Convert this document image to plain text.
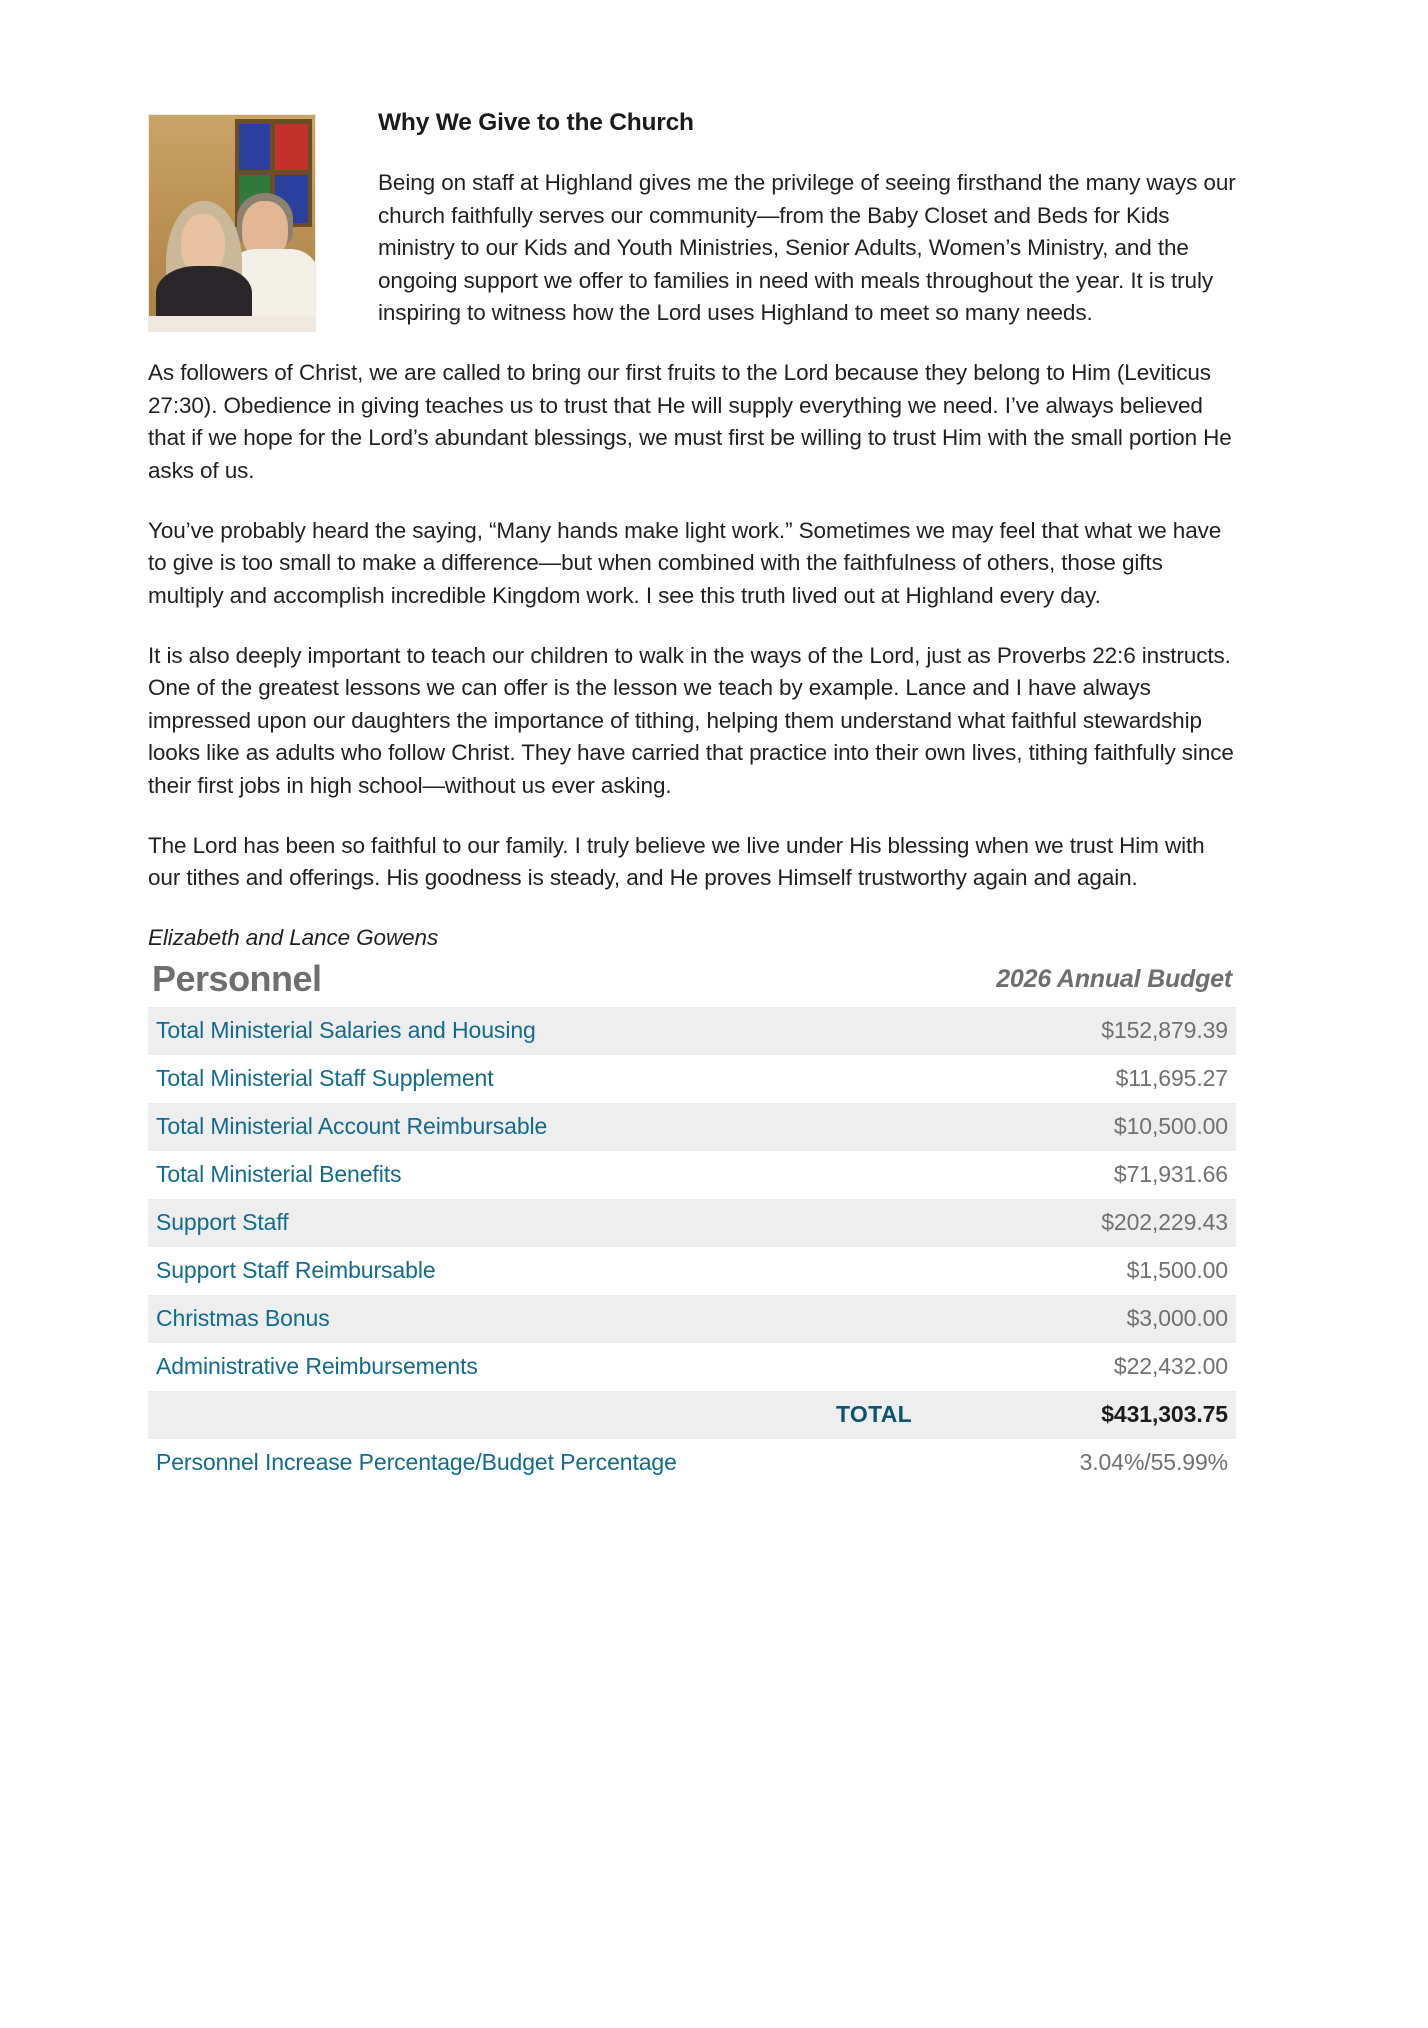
Why We Give to the Church

Being on staff at Highland gives me the privilege of seeing firsthand the many ways our church faithfully serves our community—from the Baby Closet and Beds for Kids ministry to our Kids and Youth Ministries, Senior Adults, Women’s Ministry, and the ongoing support we offer to families in need with meals throughout the year. It is truly inspiring to witness how the Lord uses Highland to meet so many needs.

As followers of Christ, we are called to bring our first fruits to the Lord because they belong to Him (Leviticus 27:30). Obedience in giving teaches us to trust that He will supply everything we need. I’ve always believed that if we hope for the Lord’s abundant blessings, we must first be willing to trust Him with the small portion He asks of us.

You’ve probably heard the saying, “Many hands make light work.” Sometimes we may feel that what we have to give is too small to make a difference—but when combined with the faithfulness of others, those gifts multiply and accomplish incredible Kingdom work. I see this truth lived out at Highland every day.

It is also deeply important to teach our children to walk in the ways of the Lord, just as Proverbs 22:6 instructs. One of the greatest lessons we can offer is the lesson we teach by example. Lance and I have always impressed upon our daughters the importance of tithing, helping them understand what faithful stewardship looks like as adults who follow Christ. They have carried that practice into their own lives, tithing faithfully since their first jobs in high school—without us ever asking.

The Lord has been so faithful to our family. I truly believe we live under His blessing when we trust Him with our tithes and offerings. His goodness is steady, and He proves Himself trustworthy again and again.

Elizabeth and Lance Gowens
Personnel	2026 Annual Budget
Total Ministerial Salaries and Housing	$152,879.39
Total Ministerial Staff Supplement	$11,695.27
Total Ministerial Account Reimbursable	$10,500.00
Total Ministerial Benefits	$71,931.66
Support Staff	$202,229.43
Support Staff Reimbursable	$1,500.00
Christmas Bonus	$3,000.00
Administrative Reimbursements	$22,432.00
TOTAL	$431,303.75
Personnel Increase Percentage/Budget Percentage	3.04%/55.99%
